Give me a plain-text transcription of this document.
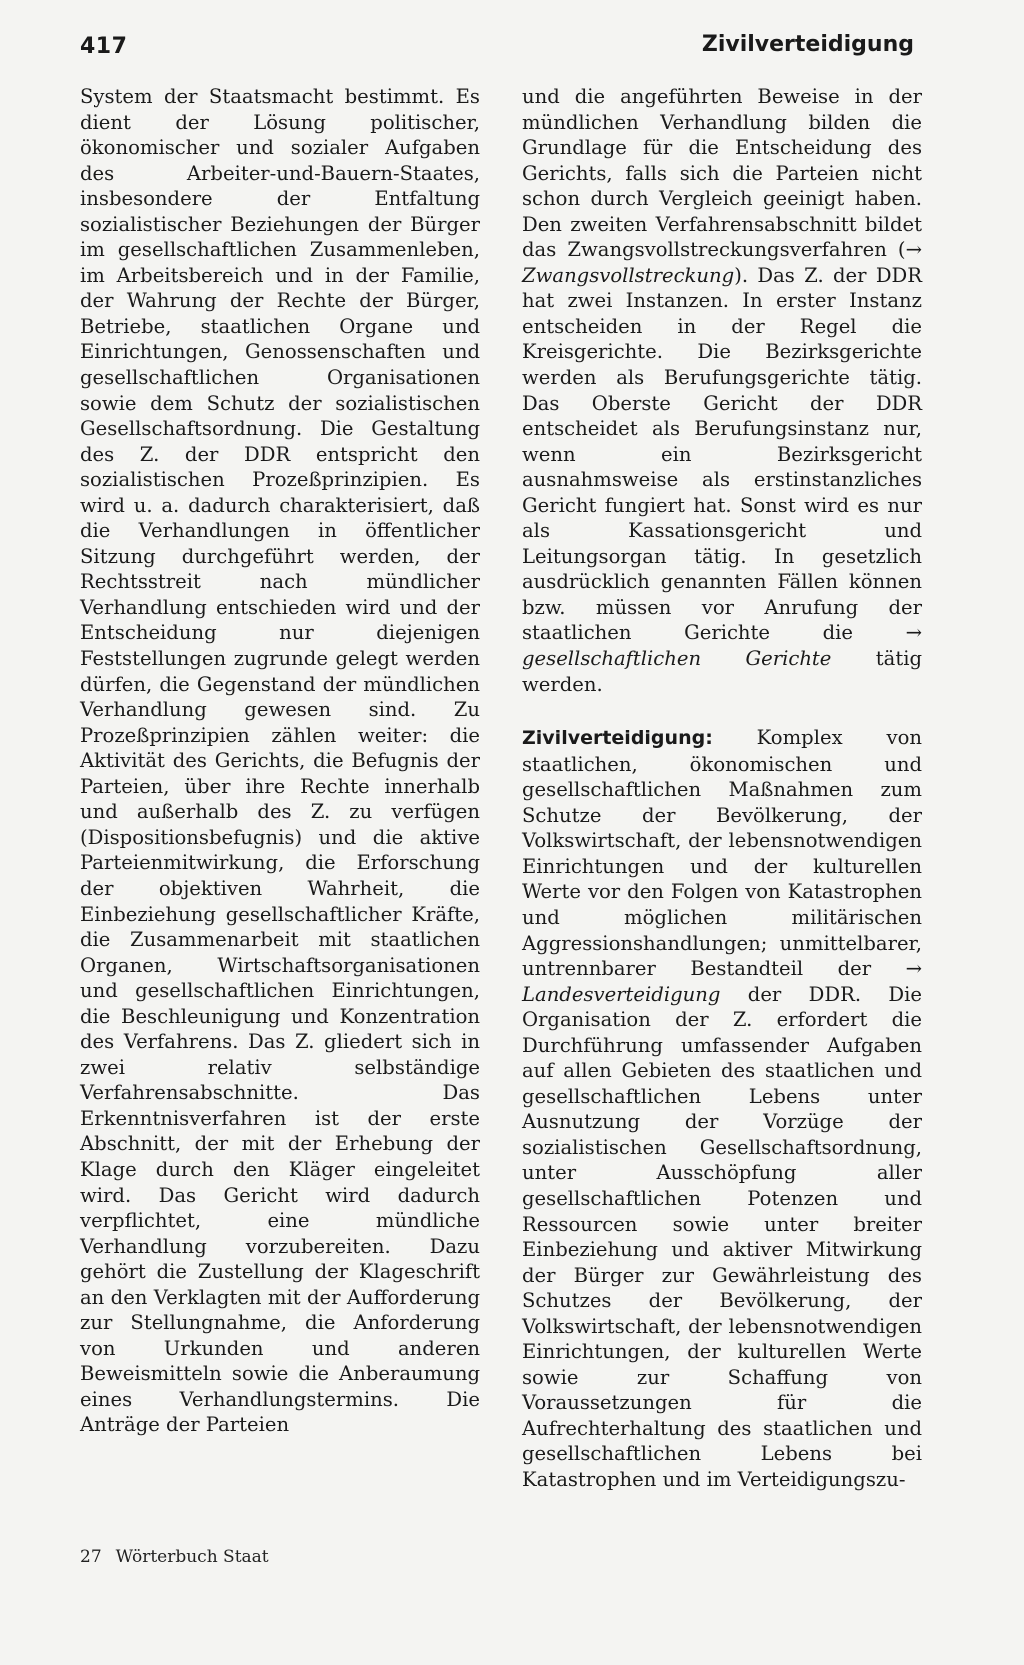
417	Zivilverteidigung

System der Staatsmacht bestimmt. Es dient der Lösung politischer, ökonomischer und sozialer Aufgaben des Arbeiter-und-Bauern-Staates, insbesondere der Entfaltung sozialistischer Beziehungen der Bürger im gesellschaftlichen Zusammenleben, im Arbeitsbereich und in der Familie, der Wahrung der Rechte der Bürger, Betriebe, staatlichen Organe und Einrichtungen, Genossenschaften und gesellschaftlichen Organisationen sowie dem Schutz der sozialistischen Gesellschaftsordnung. Die Gestaltung des Z. der DDR entspricht den sozialistischen Prozeßprinzipien. Es wird u. a. dadurch charakterisiert, daß die Verhandlungen in öffentlicher Sitzung durchgeführt werden, der Rechtsstreit nach mündlicher Verhandlung entschieden wird und der Entscheidung nur diejenigen Feststellungen zugrunde gelegt werden dürfen, die Gegenstand der mündlichen Verhandlung gewesen sind. Zu Prozeßprinzipien zählen weiter: die Aktivität des Gerichts, die Befugnis der Parteien, über ihre Rechte innerhalb und außerhalb des Z. zu verfügen (Dispositionsbefugnis) und die aktive Parteienmitwirkung, die Erforschung der objektiven Wahrheit, die Einbeziehung gesellschaftlicher Kräfte, die Zusammenarbeit mit staatlichen Organen, Wirtschaftsorganisationen und gesellschaftlichen Einrichtungen, die Beschleunigung und Konzentration des Verfahrens. Das Z. gliedert sich in zwei relativ selbständige Verfahrensabschnitte. Das Erkenntnisverfahren ist der erste Abschnitt, der mit der Erhebung der Klage durch den Kläger eingeleitet wird. Das Gericht wird dadurch verpflichtet, eine mündliche Verhandlung vorzubereiten. Dazu gehört die Zustellung der Klageschrift an den Verklagten mit der Aufforderung zur Stellungnahme, die Anforderung von Urkunden und anderen Beweismitteln sowie die Anberaumung eines Verhandlungstermins. Die Anträge der Parteien

und die angeführten Beweise in der mündlichen Verhandlung bilden die Grundlage für die Entscheidung des Gerichts, falls sich die Parteien nicht schon durch Vergleich geeinigt haben. Den zweiten Verfahrensabschnitt bildet das Zwangsvollstreckungsverfahren (→ Zwangsvollstreckung). Das Z. der DDR hat zwei Instanzen. In erster Instanz entscheiden in der Regel die Kreisgerichte. Die Bezirksgerichte werden als Berufungsgerichte tätig. Das Oberste Gericht der DDR entscheidet als Berufungsinstanz nur, wenn ein Bezirksgericht ausnahmsweise als erstinstanzliches Gericht fungiert hat. Sonst wird es nur als Kassationsgericht und Leitungsorgan tätig. In gesetzlich ausdrücklich genannten Fällen können bzw. müssen vor Anrufung der staatlichen Gerichte die → gesellschaftlichen Gerichte tätig werden.

Zivilverteidigung: Komplex von staatlichen, ökonomischen und gesellschaftlichen Maßnahmen zum Schutze der Bevölkerung, der Volkswirtschaft, der lebensnotwendigen Einrichtungen und der kulturellen Werte vor den Folgen von Katastrophen und möglichen militärischen Aggressionshandlungen; unmittelbarer, untrennbarer Bestandteil der → Landesverteidigung der DDR. Die Organisation der Z. erfordert die Durchführung umfassender Aufgaben auf allen Gebieten des staatlichen und gesellschaftlichen Lebens unter Ausnutzung der Vorzüge der sozialistischen Gesellschaftsordnung, unter Ausschöpfung aller gesellschaftlichen Potenzen und Ressourcen sowie unter breiter Einbeziehung und aktiver Mitwirkung der Bürger zur Gewährleistung des Schutzes der Bevölkerung, der Volkswirtschaft, der lebensnotwendigen Einrichtungen, der kulturellen Werte sowie zur Schaffung von Voraussetzungen für die Aufrechterhaltung des staatlichen und gesellschaftlichen Lebens bei Katastrophen und im Verteidigungszu-

27 Wörterbuch Staat
